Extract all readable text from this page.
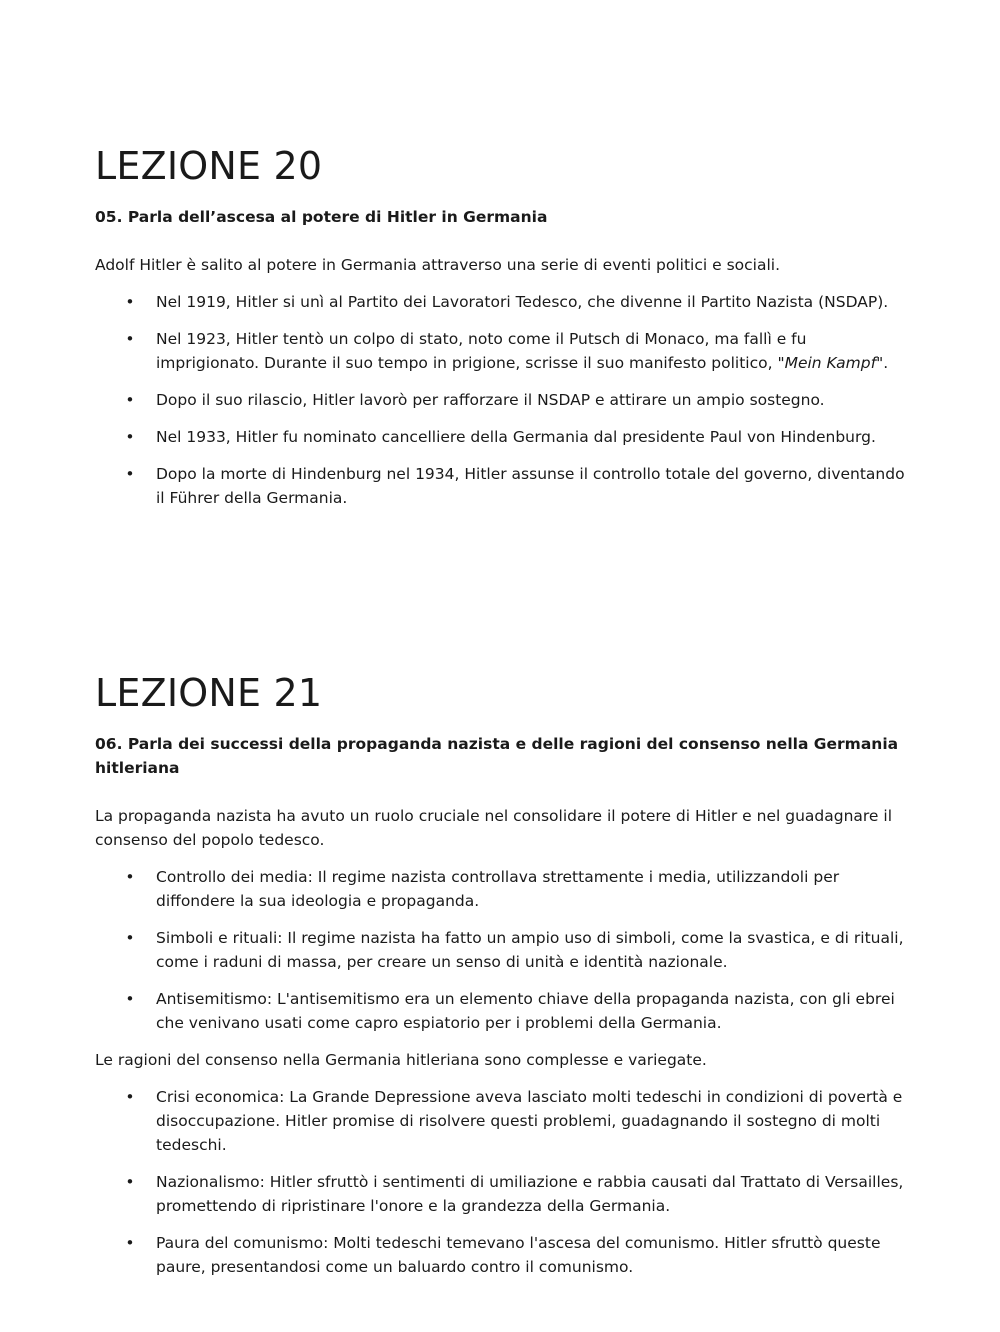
LEZIONE 20

05. Parla dell’ascesa al potere di Hitler in Germania

Adolf Hitler è salito al potere in Germania attraverso una serie di eventi politici e sociali.

• Nel 1919, Hitler si unì al Partito dei Lavoratori Tedesco, che divenne il Partito Nazista (NSDAP).
• Nel 1923, Hitler tentò un colpo di stato, noto come il Putsch di Monaco, ma fallì e fu imprigionato. Durante il suo tempo in prigione, scrisse il suo manifesto politico, "Mein Kampf".
• Dopo il suo rilascio, Hitler lavorò per rafforzare il NSDAP e attirare un ampio sostegno.
• Nel 1933, Hitler fu nominato cancelliere della Germania dal presidente Paul von Hindenburg.
• Dopo la morte di Hindenburg nel 1934, Hitler assunse il controllo totale del governo, diventando il Führer della Germania.
LEZIONE 21

06. Parla dei successi della propaganda nazista e delle ragioni del consenso nella Germania hitleriana

La propaganda nazista ha avuto un ruolo cruciale nel consolidare il potere di Hitler e nel guadagnare il consenso del popolo tedesco.

• Controllo dei media: Il regime nazista controllava strettamente i media, utilizzandoli per diffondere la sua ideologia e propaganda.
• Simboli e rituali: Il regime nazista ha fatto un ampio uso di simboli, come la svastica, e di rituali, come i raduni di massa, per creare un senso di unità e identità nazionale.
• Antisemitismo: L'antisemitismo era un elemento chiave della propaganda nazista, con gli ebrei che venivano usati come capro espiatorio per i problemi della Germania.

Le ragioni del consenso nella Germania hitleriana sono complesse e variegate.

• Crisi economica: La Grande Depressione aveva lasciato molti tedeschi in condizioni di povertà e disoccupazione. Hitler promise di risolvere questi problemi, guadagnando il sostegno di molti tedeschi.
• Nazionalismo: Hitler sfruttò i sentimenti di umiliazione e rabbia causati dal Trattato di Versailles, promettendo di ripristinare l'onore e la grandezza della Germania.
• Paura del comunismo: Molti tedeschi temevano l'ascesa del comunismo. Hitler sfruttò queste paure, presentandosi come un baluardo contro il comunismo.
